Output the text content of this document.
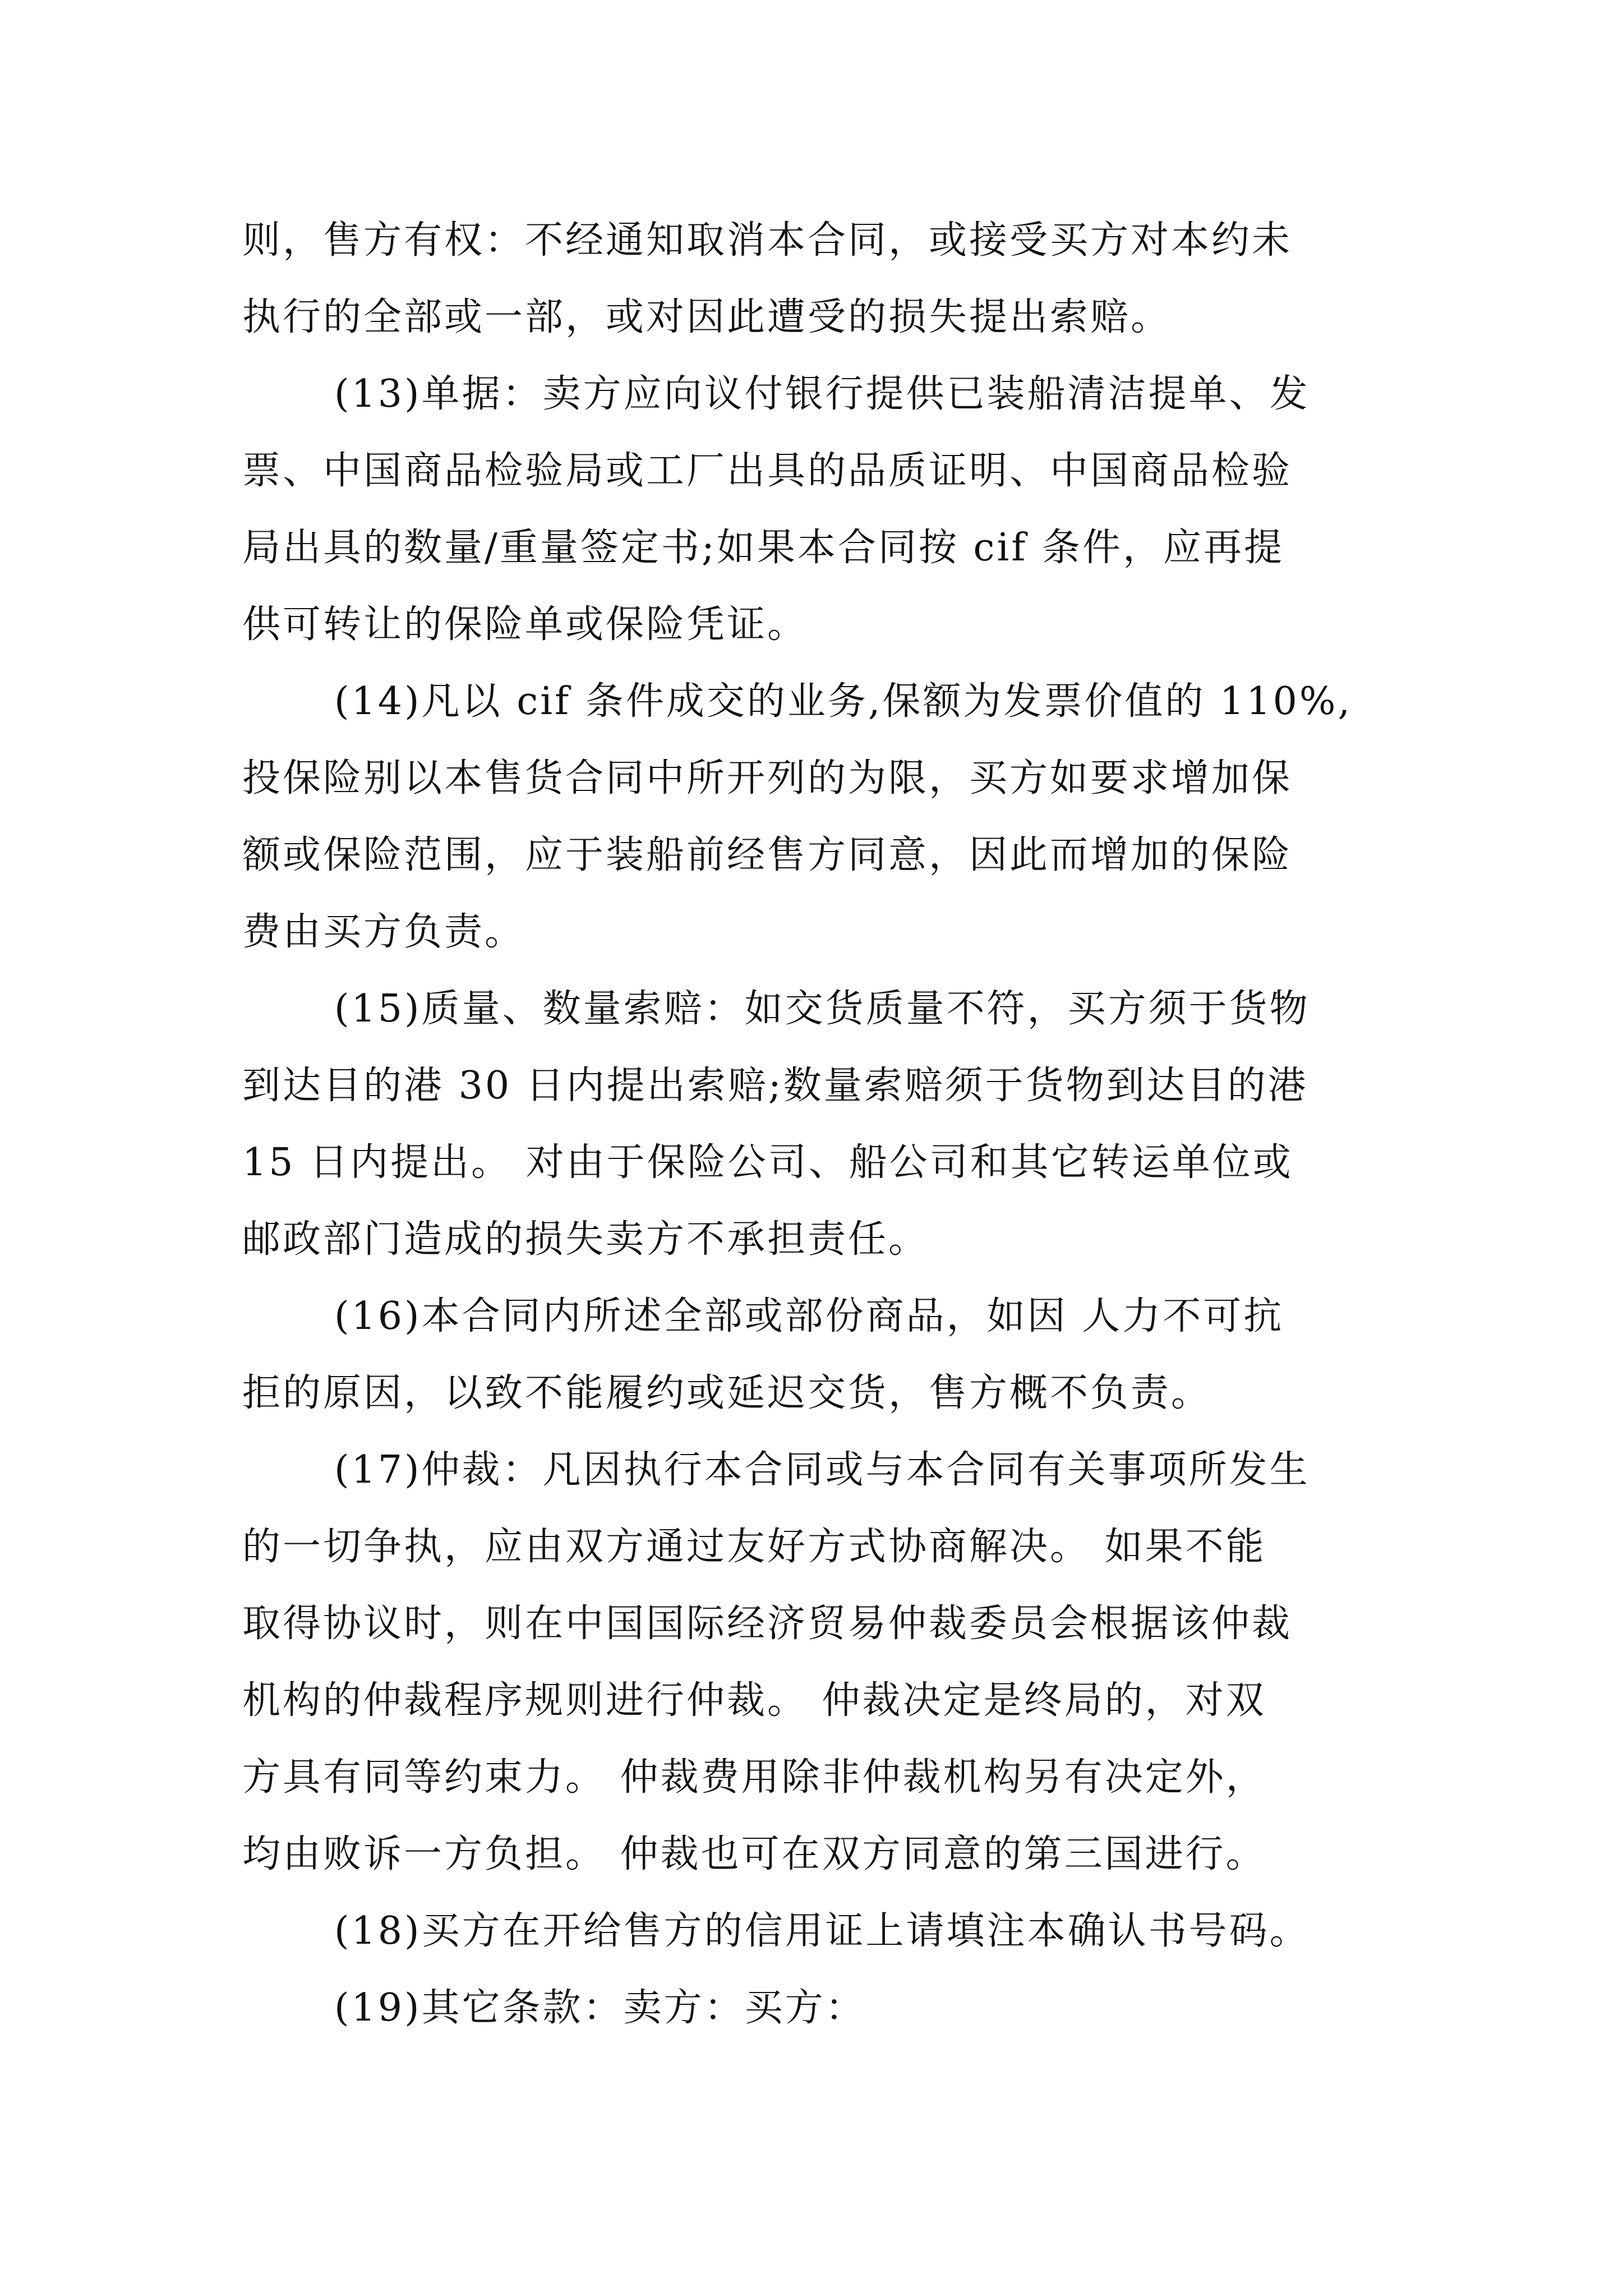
则，售方有权：不经通知取消本合同，或接受买方对本约未
执行的全部或一部，或对因此遭受的损失提出索赔。
(13)单据：卖方应向议付银行提供已装船清洁提单、发
票、中国商品检验局或工厂出具的品质证明、中国商品检验
局出具的数量/重量签定书;如果本合同按 cif 条件，应再提
供可转让的保险单或保险凭证。
(14)凡以 cif 条件成交的业务,保额为发票价值的 110%,
投保险别以本售货合同中所开列的为限，买方如要求增加保
额或保险范围，应于装船前经售方同意，因此而增加的保险
费由买方负责。
(15)质量、数量索赔：如交货质量不符，买方须于货物
到达目的港 30 日内提出索赔;数量索赔须于货物到达目的港
15 日内提出。 对由于保险公司、船公司和其它转运单位或
邮政部门造成的损失卖方不承担责任。
(16)本合同内所述全部或部份商品，如因 人力不可抗
拒的原因，以致不能履约或延迟交货，售方概不负责。
(17)仲裁：凡因执行本合同或与本合同有关事项所发生
的一切争执，应由双方通过友好方式协商解决。 如果不能
取得协议时，则在中国国际经济贸易仲裁委员会根据该仲裁
机构的仲裁程序规则进行仲裁。 仲裁决定是终局的，对双
方具有同等约束力。 仲裁费用除非仲裁机构另有决定外，
均由败诉一方负担。 仲裁也可在双方同意的第三国进行。
(18)买方在开给售方的信用证上请填注本确认书号码。
(19)其它条款：卖方：买方：
